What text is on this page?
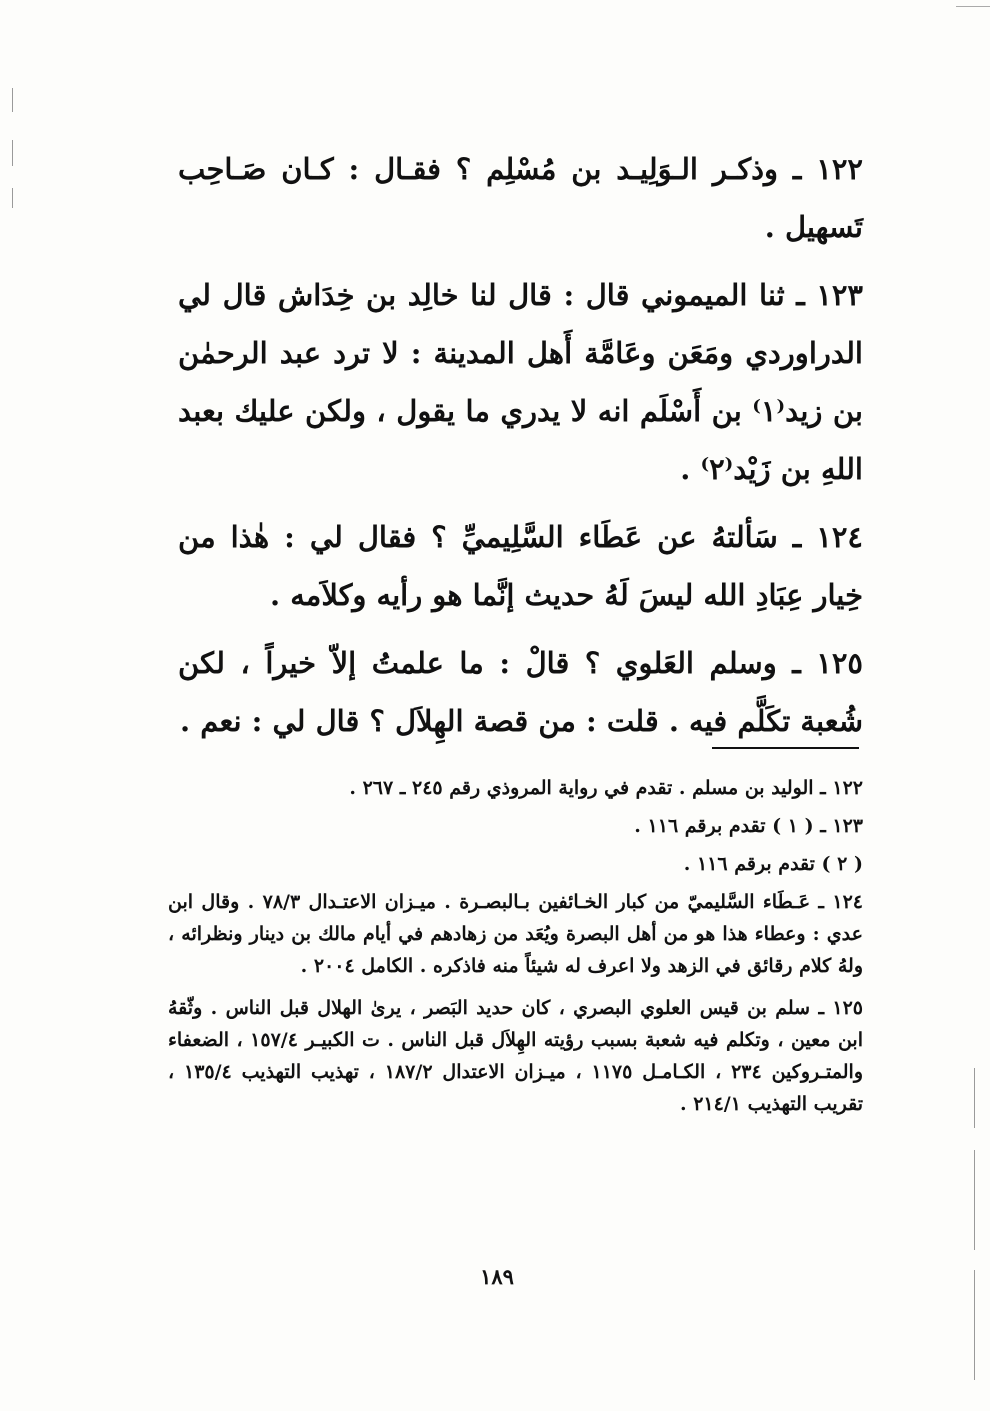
١٢٢ ـ وذكـر الـوَلِيـد بن مُسْلِم ؟ فقـال : كـان صَـاحِب تَسهيل .

١٢٣ ـ ثنا الميموني قال : قال لنا خالِد بن خِدَاش قال لي الدراوردي ومَعَن وعَامَّة أَهل المدينة : لا ترد عبد الرحمٰن بن زيد⁽١⁾ بن أَسْلَم انه لا يدري ما يقول ، ولكن عليك بعبد اللهِ بن زَيْد⁽٢⁾ .

١٢٤ ـ سَألتهُ عن عَطَاء السَّلِيميِّ ؟ فقال لي : هٰذا من خِيار عِبَادِ الله ليسَ لَهُ حديث إنَّما هو رأيه وكلاَمه .

١٢٥ ـ وسلم العَلوي ؟ قالْ : ما علمتُ إلاّ خيراً ، لكن شُعبة تكَلَّم فيه . قلت : من قصة الهِلاَل ؟ قال لي : نعم .

١٢٢ ـ الوليد بن مسلم . تقدم في رواية المروذي رقم ٢٤٥ ـ ٢٦٧ .

١٢٣ ـ ( ١ ) تقدم برقم ١١٦ .

( ٢ ) تقدم برقم ١١٦ .

١٢٤ ـ عَـطَاء السَّليميّ من كبار الخـائفين بـالبصـرة . ميـزان الاعتـدال ٧٨/٣ . وقال ابن عدي : وعطاء هذا هو من أهل البصرة ويُعَد من زهادهم في أيام مالك بن دينار ونظرائه ، ولهُ كلام رقائق في الزهد ولا اعرف له شيئاً منه فاذكره . الكامل ٢٠٠٤ .

١٢٥ ـ سلم بن قيس العلوي البصري ، كان حديد البَصر ، يرىٰ الهلال قبل الناس . وثّقهُ ابن معين ، وتكلم فيه شعبة بسبب رؤيته الهِلاَل قبل الناس . ت الكبيـر ١٥٧/٤ ، الضعفاء والمتـروكين ٢٣٤ ، الكـامـل ١١٧٥ ، ميـزان الاعتدال ١٨٧/٢ ، تهذيب التهذيب ١٣٥/٤ ، تقريب التهذيب ٢١٤/١ .

١٨٩
